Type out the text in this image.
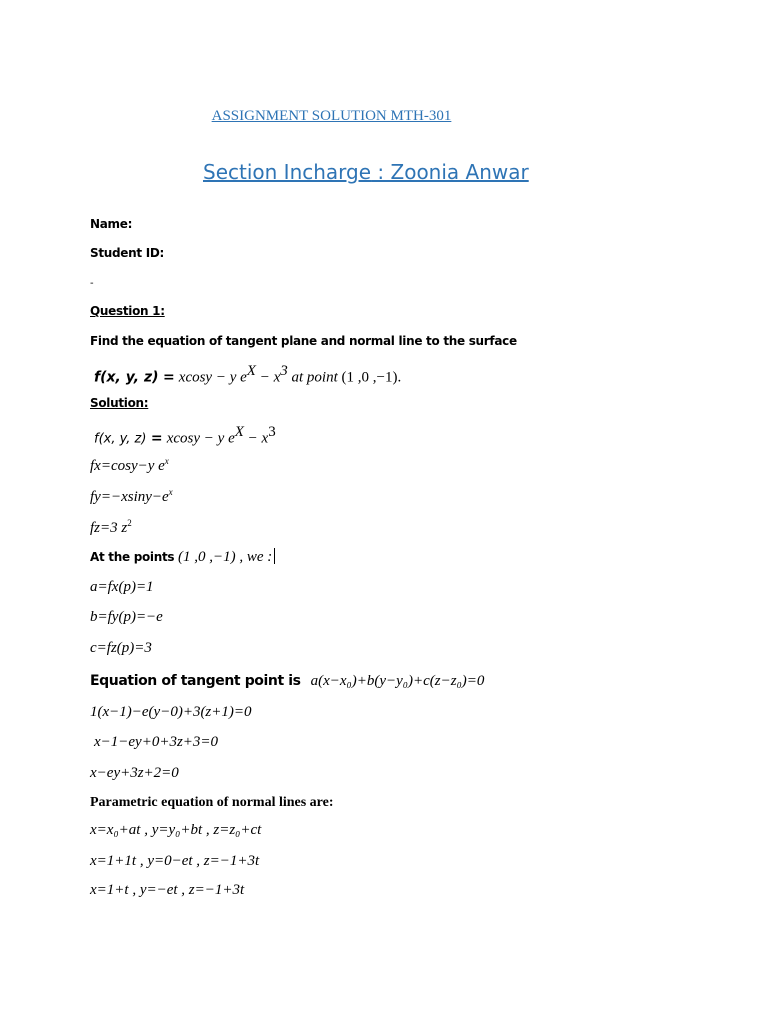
ASSIGNMENT SOLUTION MTH-301
Section Incharge : Zoonia Anwar
Name:
Student ID:
-
Question 1:
Find the equation of tangent plane and normal line to the surface
f(x, y, z) = xcosy − y $e^X - x^3$ at point (1 ,0 ,−1).
Solution:
f(x, y, z) = xcosy − y $e^X - x^3$
fx=cosy−y $e^x$
$fy=-xsiny-e^x$
fz=3 $z^2$
At the points (1 ,0 ,−1) , we :
a=fx(p)=1
b=fy(p)=−e
c=fz(p)=3
Equation of tangent point is a(x−x₀)+b(y−y₀)+c(z−z₀)=0
1(x−1)−e(y−0)+3(z+1)=0
x−1−ey+0+3z+3=0
x−ey+3z+2=0
Parametric equation of normal lines are:
x=x₀+at , y=y₀+bt , z=z₀+ct
x=1+1t , y=0−et , z=−1+3t
x=1+t , y=−et , z=−1+3t
